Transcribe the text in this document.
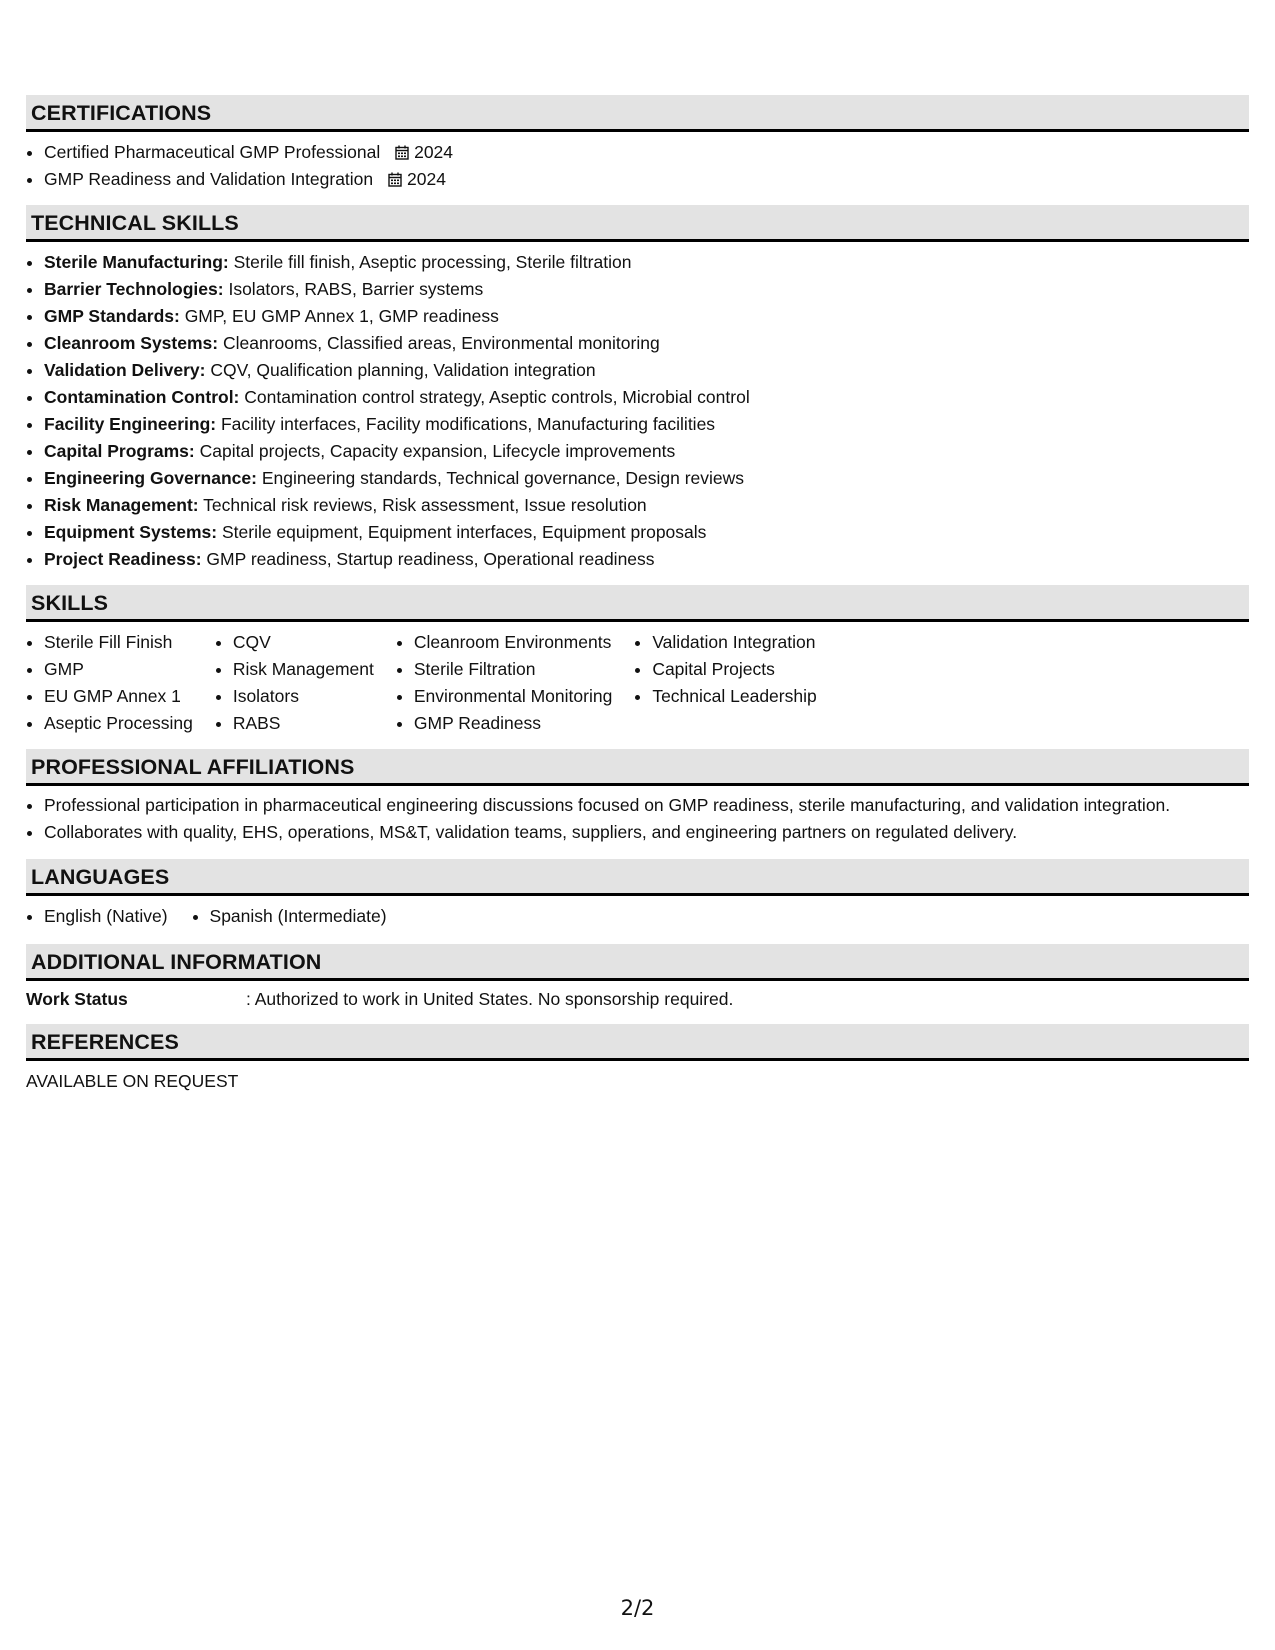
CERTIFICATIONS
• Certified Pharmaceutical GMP Professional 2024
• GMP Readiness and Validation Integration 2024
TECHNICAL SKILLS
• Sterile Manufacturing: Sterile fill finish, Aseptic processing, Sterile filtration
• Barrier Technologies: Isolators, RABS, Barrier systems
• GMP Standards: GMP, EU GMP Annex 1, GMP readiness
• Cleanroom Systems: Cleanrooms, Classified areas, Environmental monitoring
• Validation Delivery: CQV, Qualification planning, Validation integration
• Contamination Control: Contamination control strategy, Aseptic controls, Microbial control
• Facility Engineering: Facility interfaces, Facility modifications, Manufacturing facilities
• Capital Programs: Capital projects, Capacity expansion, Lifecycle improvements
• Engineering Governance: Engineering standards, Technical governance, Design reviews
• Risk Management: Technical risk reviews, Risk assessment, Issue resolution
• Equipment Systems: Sterile equipment, Equipment interfaces, Equipment proposals
• Project Readiness: GMP readiness, Startup readiness, Operational readiness
SKILLS
• Sterile Fill Finish
• GMP
• EU GMP Annex 1
• Aseptic Processing
• CQV
• Risk Management
• Isolators
• RABS
• Cleanroom Environments
• Sterile Filtration
• Environmental Monitoring
• GMP Readiness
• Validation Integration
• Capital Projects
• Technical Leadership
PROFESSIONAL AFFILIATIONS
• Professional participation in pharmaceutical engineering discussions focused on GMP readiness, sterile manufacturing, and validation integration.
• Collaborates with quality, EHS, operations, MS&T, validation teams, suppliers, and engineering partners on regulated delivery.
LANGUAGES
• English (Native)
• Spanish (Intermediate)
ADDITIONAL INFORMATION
Work Status	: Authorized to work in United States. No sponsorship required.
REFERENCES
AVAILABLE ON REQUEST
2/2
